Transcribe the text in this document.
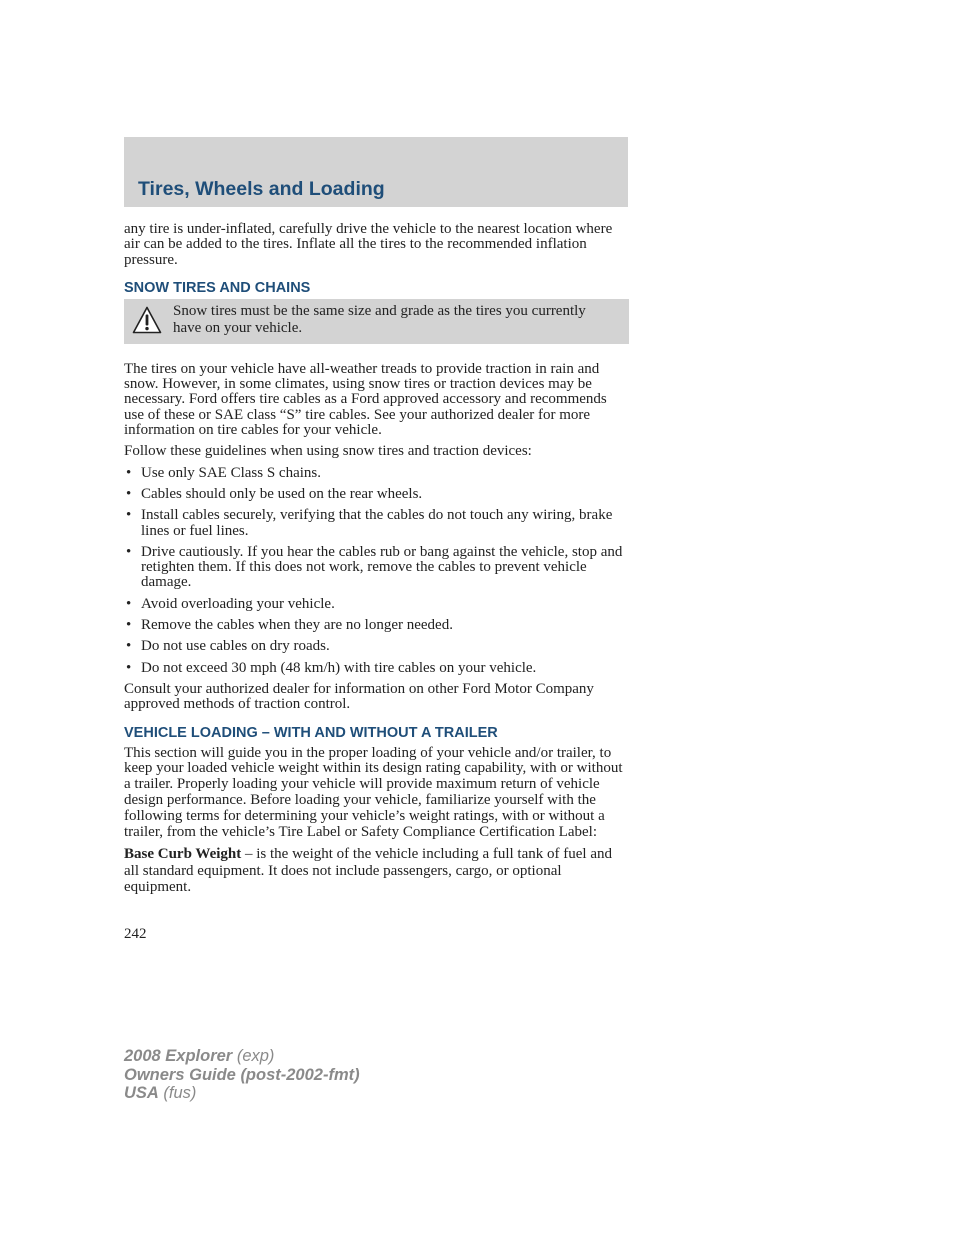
Tires, Wheels and Loading

any tire is under-inflated, carefully drive the vehicle to the nearest location where air can be added to the tires. Inflate all the tires to the recommended inflation pressure.

SNOW TIRES AND CHAINS
Snow tires must be the same size and grade as the tires you currently have on your vehicle.

The tires on your vehicle have all-weather treads to provide traction in rain and snow. However, in some climates, using snow tires or traction devices may be necessary. Ford offers tire cables as a Ford approved accessory and recommends use of these or SAE class “S” tire cables. See your authorized dealer for more information on tire cables for your vehicle.

Follow these guidelines when using snow tires and traction devices:

• Use only SAE Class S chains.
• Cables should only be used on the rear wheels.
• Install cables securely, verifying that the cables do not touch any wiring, brake lines or fuel lines.
• Drive cautiously. If you hear the cables rub or bang against the vehicle, stop and retighten them. If this does not work, remove the cables to prevent vehicle damage.
• Avoid overloading your vehicle.
• Remove the cables when they are no longer needed.
• Do not use cables on dry roads.
• Do not exceed 30 mph (48 km/h) with tire cables on your vehicle.

Consult your authorized dealer for information on other Ford Motor Company approved methods of traction control.

VEHICLE LOADING – WITH AND WITHOUT A TRAILER

This section will guide you in the proper loading of your vehicle and/or trailer, to keep your loaded vehicle weight within its design rating capability, with or without a trailer. Properly loading your vehicle will provide maximum return of vehicle design performance. Before loading your vehicle, familiarize yourself with the following terms for determining your vehicle’s weight ratings, with or without a trailer, from the vehicle’s Tire Label or Safety Compliance Certification Label:

Base Curb Weight – is the weight of the vehicle including a full tank of fuel and all standard equipment. It does not include passengers, cargo, or optional equipment.

242
2008 Explorer (exp)
Owners Guide (post-2002-fmt)
USA (fus)
